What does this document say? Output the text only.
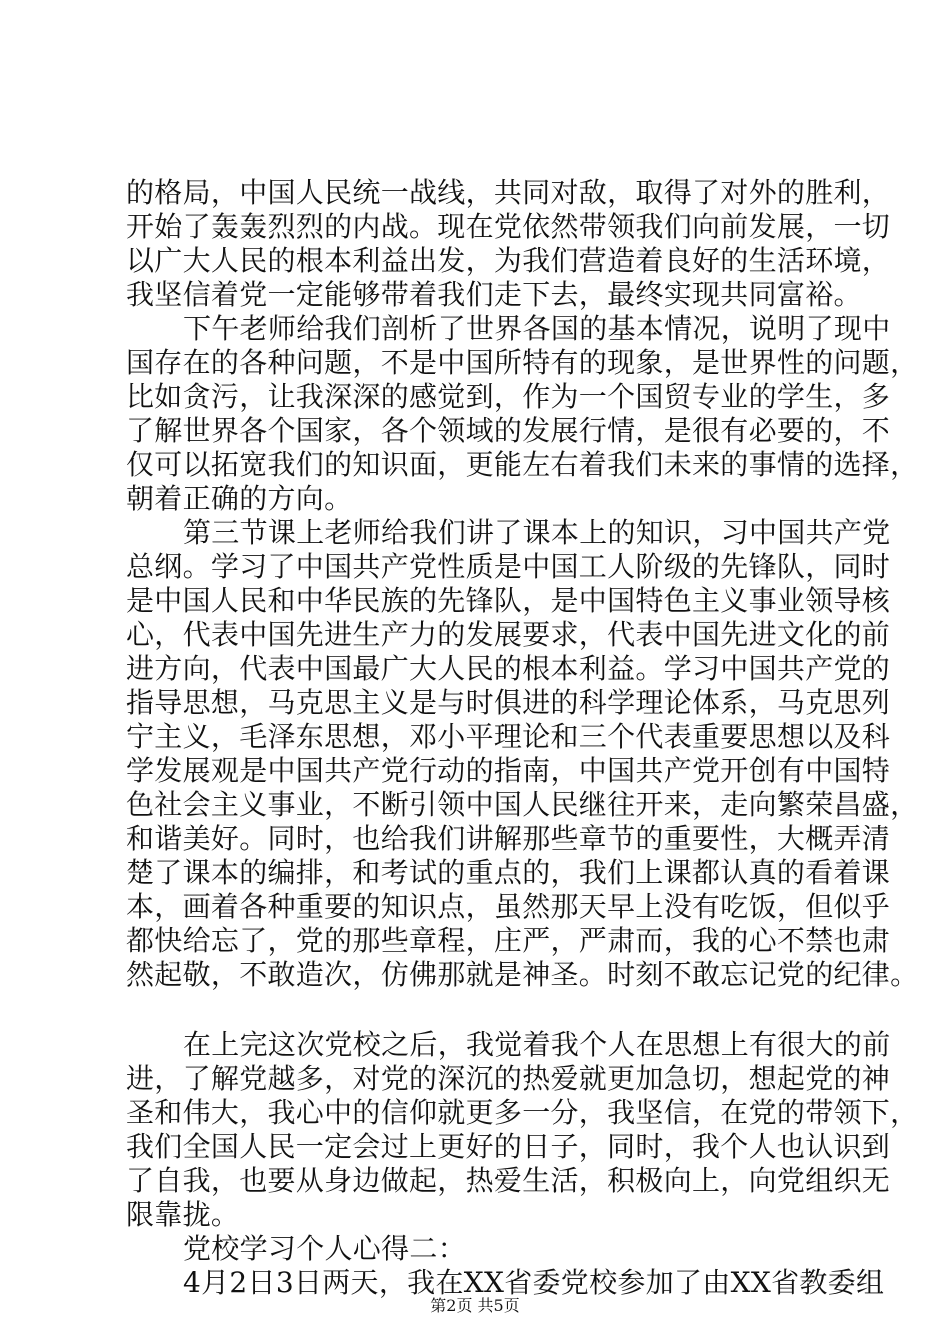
的格局，中国人民统一战线，共同对敌，取得了对外的胜利，
开始了轰轰烈烈的内战。现在党依然带领我们向前发展，一切
以广大人民的根本利益出发，为我们营造着良好的生活环境，
我坚信着党一定能够带着我们走下去，最终实现共同富裕。
下午老师给我们剖析了世界各国的基本情况，说明了现中
国存在的各种问题，不是中国所特有的现象，是世界性的问题，
比如贪污，让我深深的感觉到，作为一个国贸专业的学生，多
了解世界各个国家，各个领域的发展行情，是很有必要的，不
仅可以拓宽我们的知识面，更能左右着我们未来的事情的选择，
朝着正确的方向。
第三节课上老师给我们讲了课本上的知识，习中国共产党
总纲。学习了中国共产党性质是中国工人阶级的先锋队，同时
是中国人民和中华民族的先锋队，是中国特色主义事业领导核
心，代表中国先进生产力的发展要求，代表中国先进文化的前
进方向，代表中国最广大人民的根本利益。学习中国共产党的
指导思想，马克思主义是与时俱进的科学理论体系，马克思列
宁主义，毛泽东思想，邓小平理论和三个代表重要思想以及科
学发展观是中国共产党行动的指南，中国共产党开创有中国特
色社会主义事业，不断引领中国人民继往开来，走向繁荣昌盛，
和谐美好。同时，也给我们讲解那些章节的重要性，大概弄清
楚了课本的编排，和考试的重点的，我们上课都认真的看着课
本，画着各种重要的知识点，虽然那天早上没有吃饭，但似乎
都快给忘了，党的那些章程，庄严，严肃而，我的心不禁也肃
然起敬，不敢造次，仿佛那就是神圣。时刻不敢忘记党的纪律。
在上完这次党校之后，我觉着我个人在思想上有很大的前
进，了解党越多，对党的深沉的热爱就更加急切，想起党的神
圣和伟大，我心中的信仰就更多一分，我坚信，在党的带领下，
我们全国人民一定会过上更好的日子，同时，我个人也认识到
了自我，也要从身边做起，热爱生活，积极向上，向党组织无
限靠拢。
党校学习个人心得二：
4月2日3日两天，我在XX省委党校参加了由XX省教委组
第2页 共5页
